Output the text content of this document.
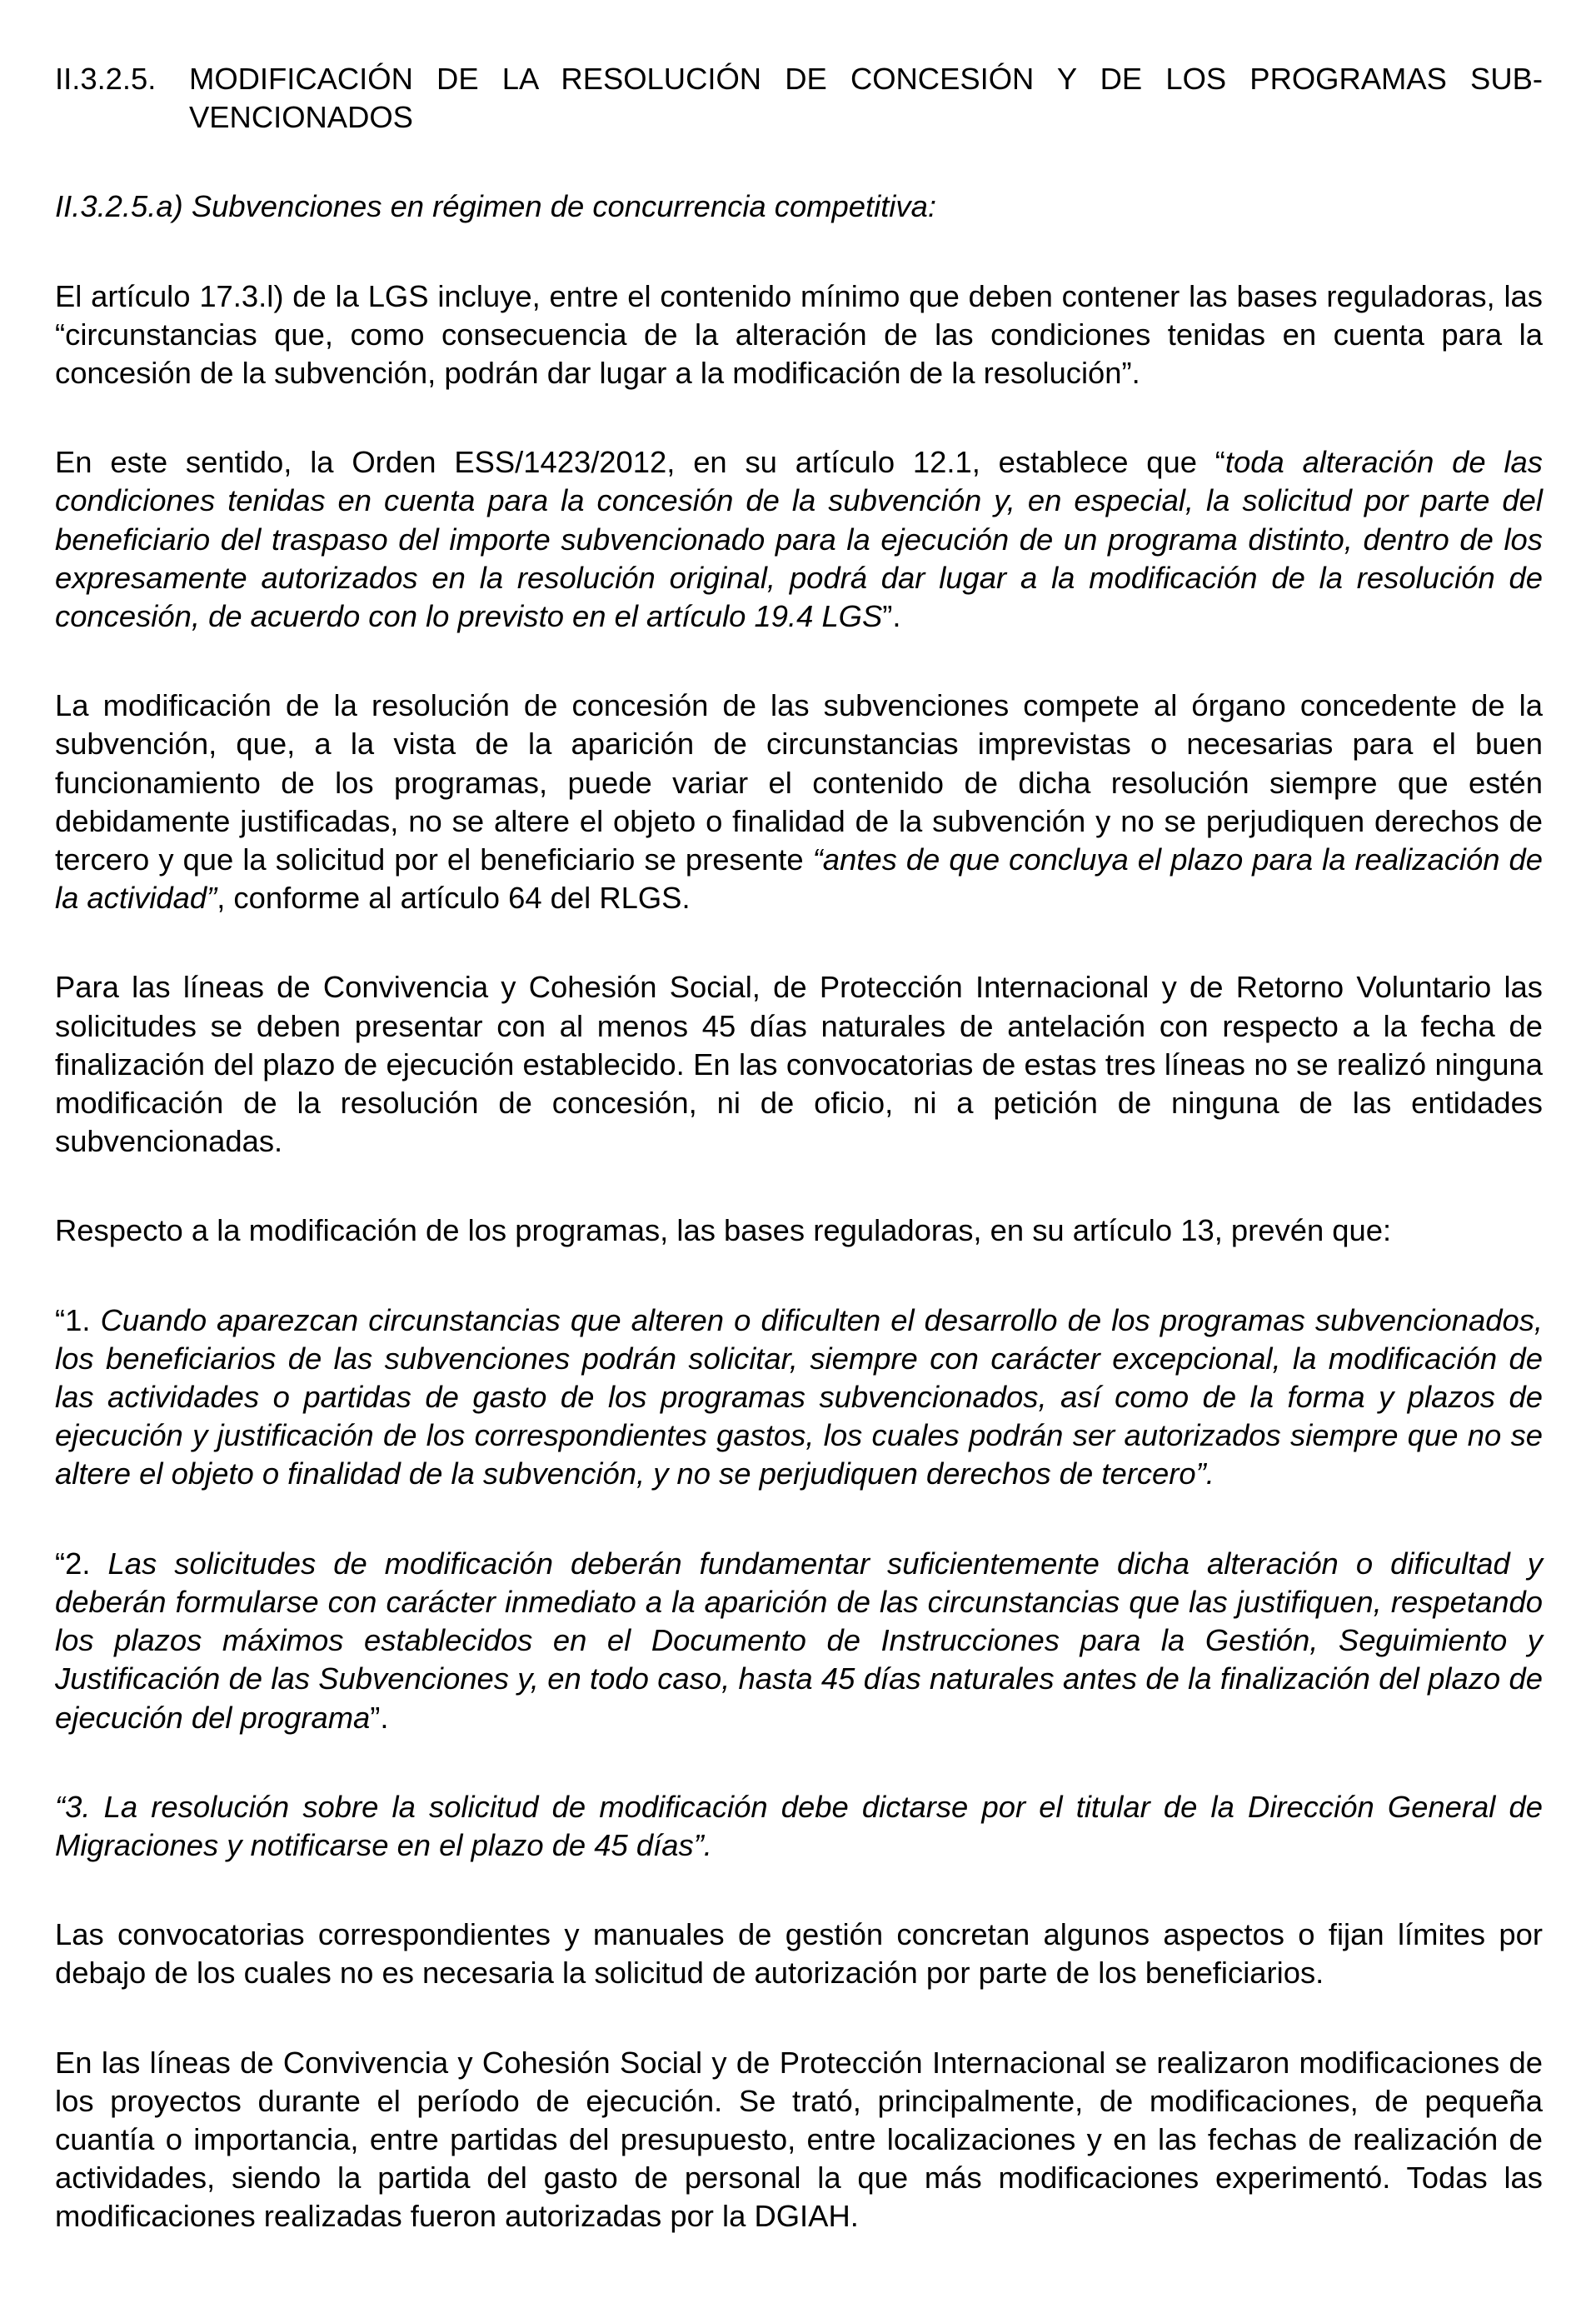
II.3.2.5.	MODIFICACIÓN DE LA RESOLUCIÓN DE CONCESIÓN Y DE LOS PROGRAMAS SUB-VENCIONADOS
II.3.2.5.a) Subvenciones en régimen de concurrencia competitiva:

El artículo 17.3.l) de la LGS incluye, entre el contenido mínimo que deben contener las bases reguladoras, las “circunstancias que, como consecuencia de la alteración de las condiciones tenidas en cuenta para la concesión de la subvención, podrán dar lugar a la modificación de la resolución”.

En este sentido, la Orden ESS/1423/2012, en su artículo 12.1, establece que “toda alteración de las condiciones tenidas en cuenta para la concesión de la subvención y, en especial, la solicitud por parte del beneficiario del traspaso del importe subvencionado para la ejecución de un programa distinto, dentro de los expresamente autorizados en la resolución original, podrá dar lugar a la modificación de la resolución de concesión, de acuerdo con lo previsto en el artículo 19.4 LGS”.

La modificación de la resolución de concesión de las subvenciones compete al órgano concedente de la subvención, que, a la vista de la aparición de circunstancias imprevistas o necesarias para el buen funcionamiento de los programas, puede variar el contenido de dicha resolución siempre que estén debidamente justificadas, no se altere el objeto o finalidad de la subvención y no se perjudiquen derechos de tercero y que la solicitud por el beneficiario se presente “antes de que concluya el plazo para la realización de la actividad”, conforme al artículo 64 del RLGS.

Para las líneas de Convivencia y Cohesión Social, de Protección Internacional y de Retorno Voluntario las solicitudes se deben presentar con al menos 45 días naturales de antelación con respecto a la fecha de finalización del plazo de ejecución establecido. En las convocatorias de estas tres líneas no se realizó ninguna modificación de la resolución de concesión, ni de oficio, ni a petición de ninguna de las entidades subvencionadas.

Respecto a la modificación de los programas, las bases reguladoras, en su artículo 13, prevén que:

“1. Cuando aparezcan circunstancias que alteren o dificulten el desarrollo de los programas subvencionados, los beneficiarios de las subvenciones podrán solicitar, siempre con carácter excepcional, la modificación de las actividades o partidas de gasto de los programas subvencionados, así como de la forma y plazos de ejecución y justificación de los correspondientes gastos, los cuales podrán ser autorizados siempre que no se altere el objeto o finalidad de la subvención, y no se perjudiquen derechos de tercero”.

“2. Las solicitudes de modificación deberán fundamentar suficientemente dicha alteración o dificultad y deberán formularse con carácter inmediato a la aparición de las circunstancias que las justifiquen, respetando los plazos máximos establecidos en el Documento de Instrucciones para la Gestión, Seguimiento y Justificación de las Subvenciones y, en todo caso, hasta 45 días naturales antes de la finalización del plazo de ejecución del programa”.

“3. La resolución sobre la solicitud de modificación debe dictarse por el titular de la Dirección General de Migraciones y notificarse en el plazo de 45 días”.

Las convocatorias correspondientes y manuales de gestión concretan algunos aspectos o fijan límites por debajo de los cuales no es necesaria la solicitud de autorización por parte de los beneficiarios.

En las líneas de Convivencia y Cohesión Social y de Protección Internacional se realizaron modificaciones de los proyectos durante el período de ejecución. Se trató, principalmente, de modificaciones, de pequeña cuantía o importancia, entre partidas del presupuesto, entre localizaciones y en las fechas de realización de actividades, siendo la partida del gasto de personal la que más modificaciones experimentó. Todas las modificaciones realizadas fueron autorizadas por la DGIAH.
